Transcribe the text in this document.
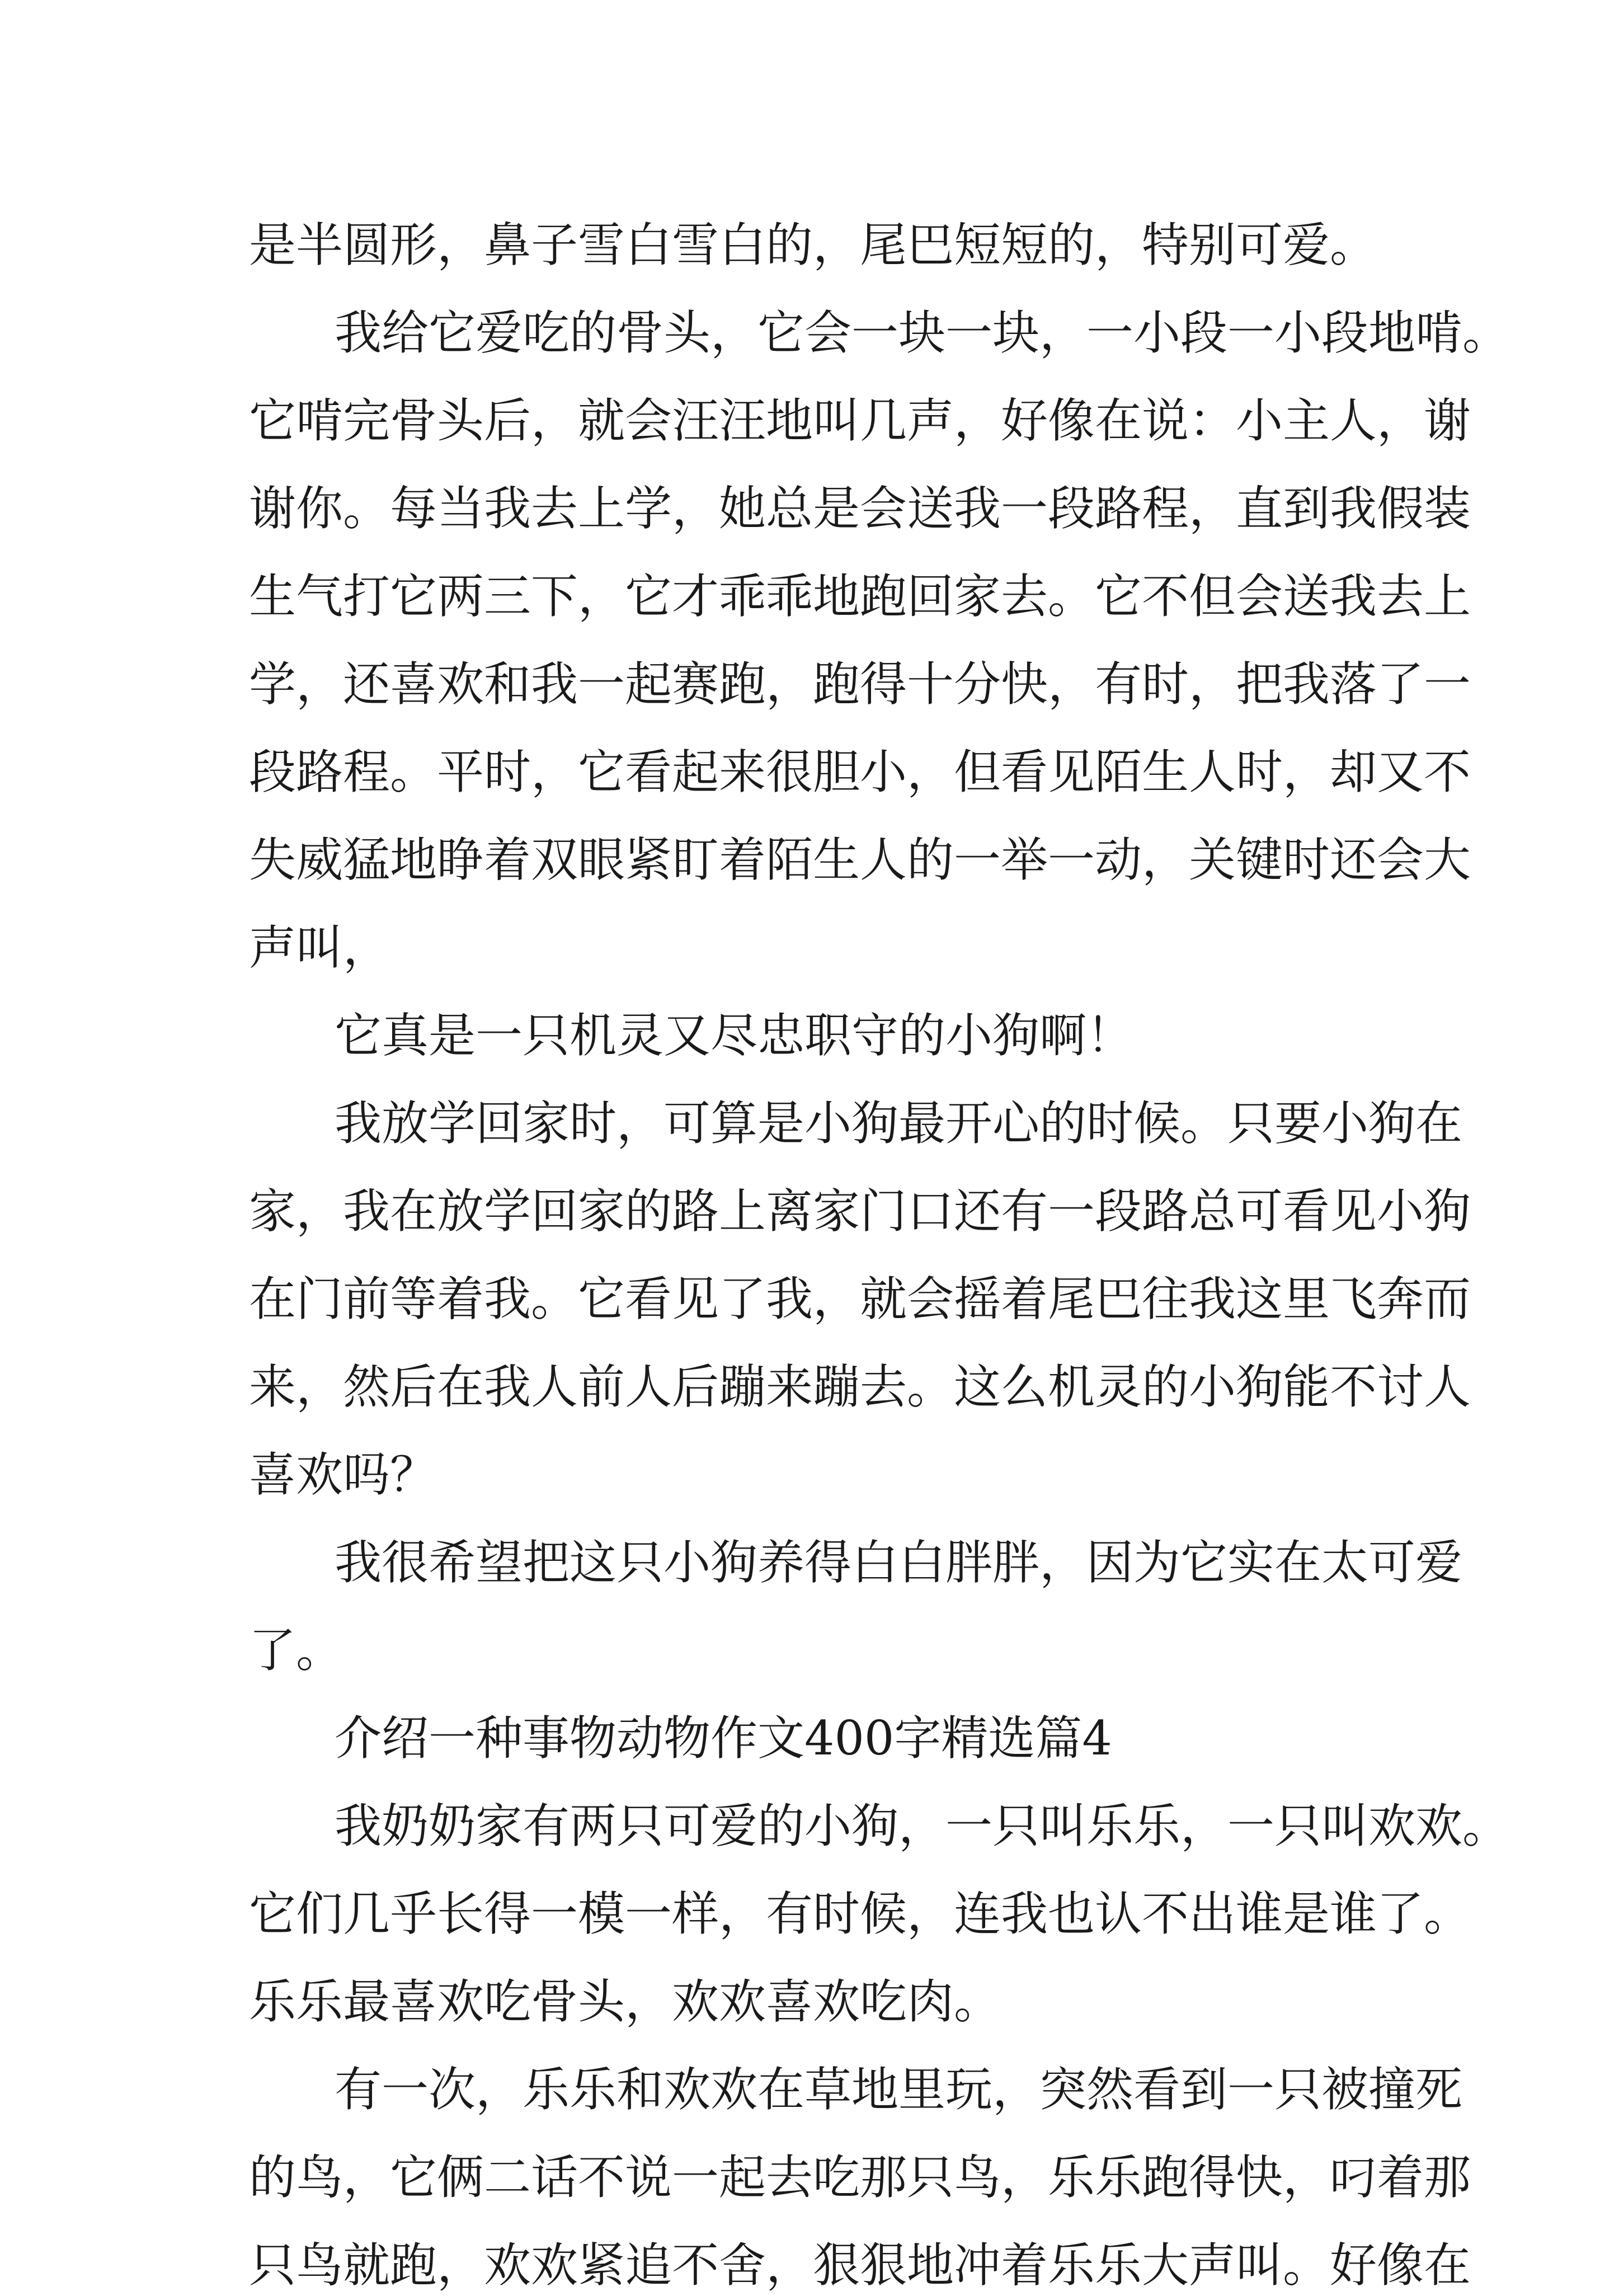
是半圆形，鼻子雪白雪白的，尾巴短短的，特别可爱。

我给它爱吃的骨头，它会一块一块，一小段一小段地啃。

它啃完骨头后，就会汪汪地叫几声，好像在说：小主人，谢

谢你。每当我去上学，她总是会送我一段路程，直到我假装

生气打它两三下，它才乖乖地跑回家去。它不但会送我去上

学，还喜欢和我一起赛跑，跑得十分快，有时，把我落了一

段路程。平时，它看起来很胆小，但看见陌生人时，却又不

失威猛地睁着双眼紧盯着陌生人的一举一动，关键时还会大

声叫，

它真是一只机灵又尽忠职守的小狗啊！

我放学回家时，可算是小狗最开心的时候。只要小狗在

家，我在放学回家的路上离家门口还有一段路总可看见小狗

在门前等着我。它看见了我，就会摇着尾巴往我这里飞奔而

来，然后在我人前人后蹦来蹦去。这么机灵的小狗能不讨人

喜欢吗？

我很希望把这只小狗养得白白胖胖，因为它实在太可爱

了。

介绍一种事物动物作文400字精选篇4

我奶奶家有两只可爱的小狗，一只叫乐乐，一只叫欢欢。

它们几乎长得一模一样，有时候，连我也认不出谁是谁了。

乐乐最喜欢吃骨头，欢欢喜欢吃肉。

有一次，乐乐和欢欢在草地里玩，突然看到一只被撞死

的鸟，它俩二话不说一起去吃那只鸟，乐乐跑得快，叼着那

只鸟就跑，欢欢紧追不舍，狠狠地冲着乐乐大声叫。好像在
